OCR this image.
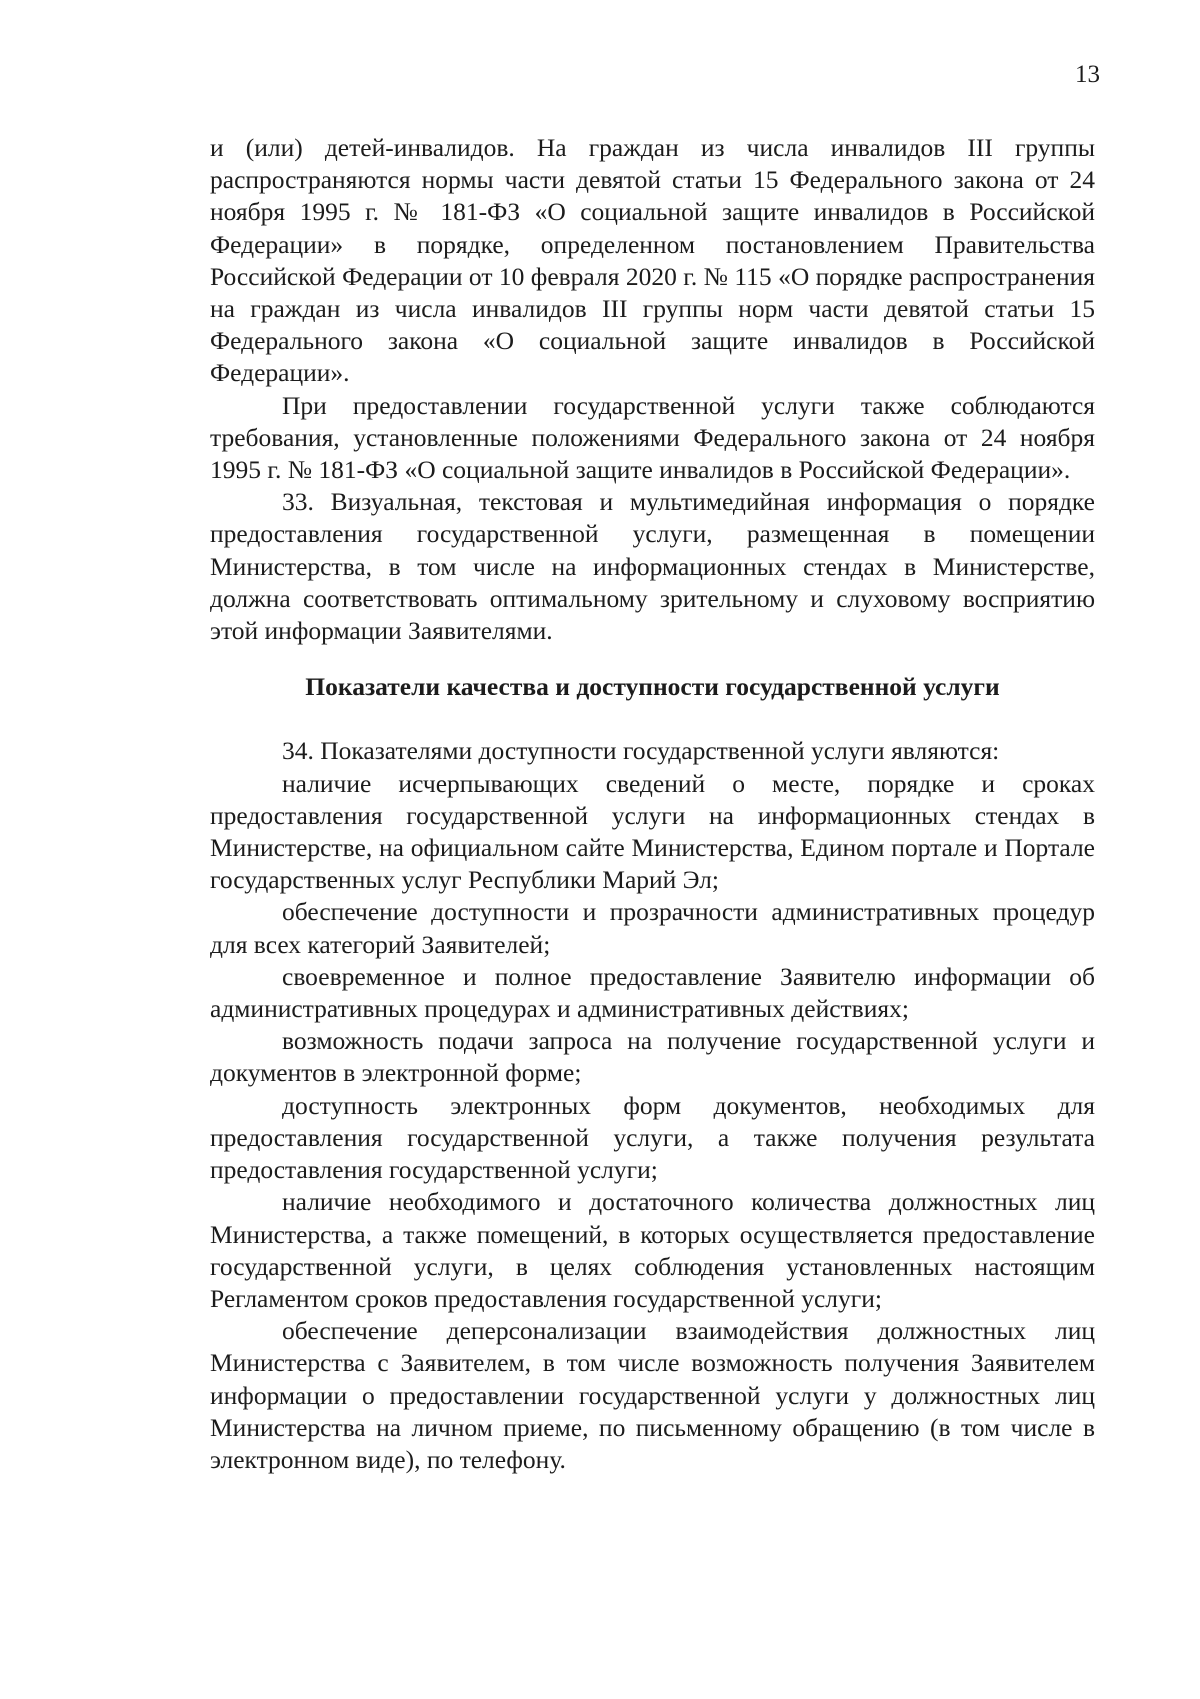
13

и (или) детей-инвалидов. На граждан из числа инвалидов III группы распространяются нормы части девятой статьи 15 Федерального закона от 24 ноября 1995 г. № 181-ФЗ «О социальной защите инвалидов в Российской Федерации» в порядке, определенном постановлением Правительства Российской Федерации от 10 февраля 2020 г. № 115 «О порядке распространения на граждан из числа инвалидов III группы норм части девятой статьи 15 Федерального закона «О социальной защите инвалидов в Российской Федерации».

При предоставлении государственной услуги также соблюдаются требования, установленные положениями Федерального закона от 24 ноября 1995 г. № 181-ФЗ «О социальной защите инвалидов в Российской Федерации».

33. Визуальная, текстовая и мультимедийная информация о порядке предоставления государственной услуги, размещенная в помещении Министерства, в том числе на информационных стендах в Министерстве, должна соответствовать оптимальному зрительному и слуховому восприятию этой информации Заявителями.

Показатели качества и доступности государственной услуги

34. Показателями доступности государственной услуги являются:

наличие исчерпывающих сведений о месте, порядке и сроках предоставления государственной услуги на информационных стендах в Министерстве, на официальном сайте Министерства, Едином портале и Портале государственных услуг Республики Марий Эл;

обеспечение доступности и прозрачности административных процедур для всех категорий Заявителей;

своевременное и полное предоставление Заявителю информации об административных процедурах и административных действиях;

возможность подачи запроса на получение государственной услуги и документов в электронной форме;

доступность электронных форм документов, необходимых для предоставления государственной услуги, а также получения результата предоставления государственной услуги;

наличие необходимого и достаточного количества должностных лиц Министерства, а также помещений, в которых осуществляется предоставление государственной услуги, в целях соблюдения установленных настоящим Регламентом сроков предоставления государственной услуги;

обеспечение деперсонализации взаимодействия должностных лиц Министерства с Заявителем, в том числе возможность получения Заявителем информации о предоставлении государственной услуги у должностных лиц Министерства на личном приеме, по письменному обращению (в том числе в электронном виде), по телефону.
